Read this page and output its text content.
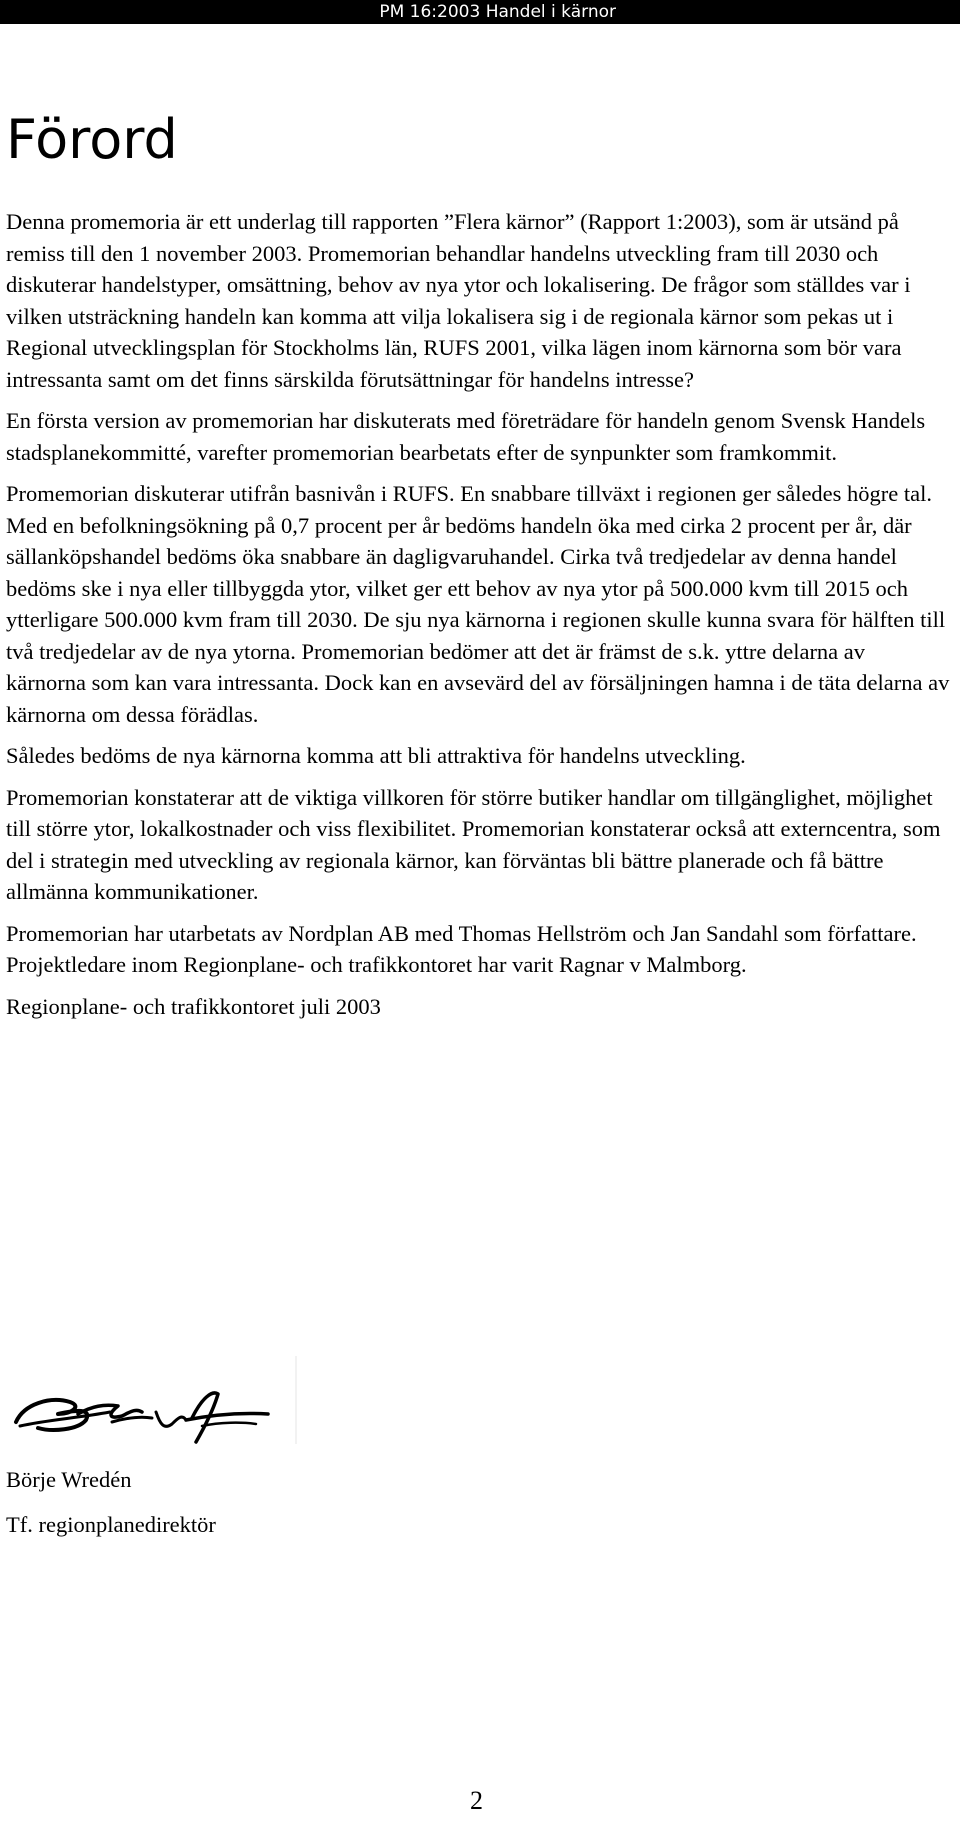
PM 16:2003 Handel i kärnor
Förord

Denna promemoria är ett underlag till rapporten ”Flera kärnor” (Rapport 1:2003), som är utsänd på remiss till den 1 november 2003. Promemorian behandlar handelns utveckling fram till 2030 och diskuterar handelstyper, omsättning, behov av nya ytor och lokalisering. De frågor som ställdes var i vilken utsträckning handeln kan komma att vilja lokalisera sig i de regionala kärnor som pekas ut i Regional utvecklingsplan för Stockholms län, RUFS 2001, vilka lägen inom kärnorna som bör vara intressanta samt om det finns särskilda förutsättningar för handelns intresse?

En första version av promemorian har diskuterats med företrädare för handeln genom Svensk Handels stadsplanekommitté, varefter promemorian bearbetats efter de synpunkter som framkommit.

Promemorian diskuterar utifrån basnivån i RUFS. En snabbare tillväxt i regionen ger således högre tal. Med en befolkningsökning på 0,7 procent per år bedöms handeln öka med cirka 2 procent per år, där sällanköpshandel bedöms öka snabbare än dagligvaruhandel. Cirka två tredjedelar av denna handel bedöms ske i nya eller tillbyggda ytor, vilket ger ett behov av nya ytor på 500.000 kvm till 2015 och ytterligare 500.000 kvm fram till 2030. De sju nya kärnorna i regionen skulle kunna svara för hälften till två tredjedelar av de nya ytorna. Promemorian bedömer att det är främst de s.k. yttre delarna av kärnorna som kan vara intressanta. Dock kan en avsevärd del av försäljningen hamna i de täta delarna av kärnorna om dessa förädlas.

Således bedöms de nya kärnorna komma att bli attraktiva för handelns utveckling.

Promemorian konstaterar att de viktiga villkoren för större butiker handlar om tillgänglighet, möjlighet till större ytor, lokalkostnader och viss flexibilitet. Promemorian konstaterar också att externcentra, som del i strategin med utveckling av regionala kärnor, kan förväntas bli bättre planerade och få bättre allmänna kommunikationer.

Promemorian har utarbetats av Nordplan AB med Thomas Hellström och Jan Sandahl som författare. Projektledare inom Regionplane- och trafikkontoret har varit Ragnar v Malmborg.

Regionplane- och trafikkontoret juli 2003

Börje Wredén
Tf. regionplanedirektör
2
